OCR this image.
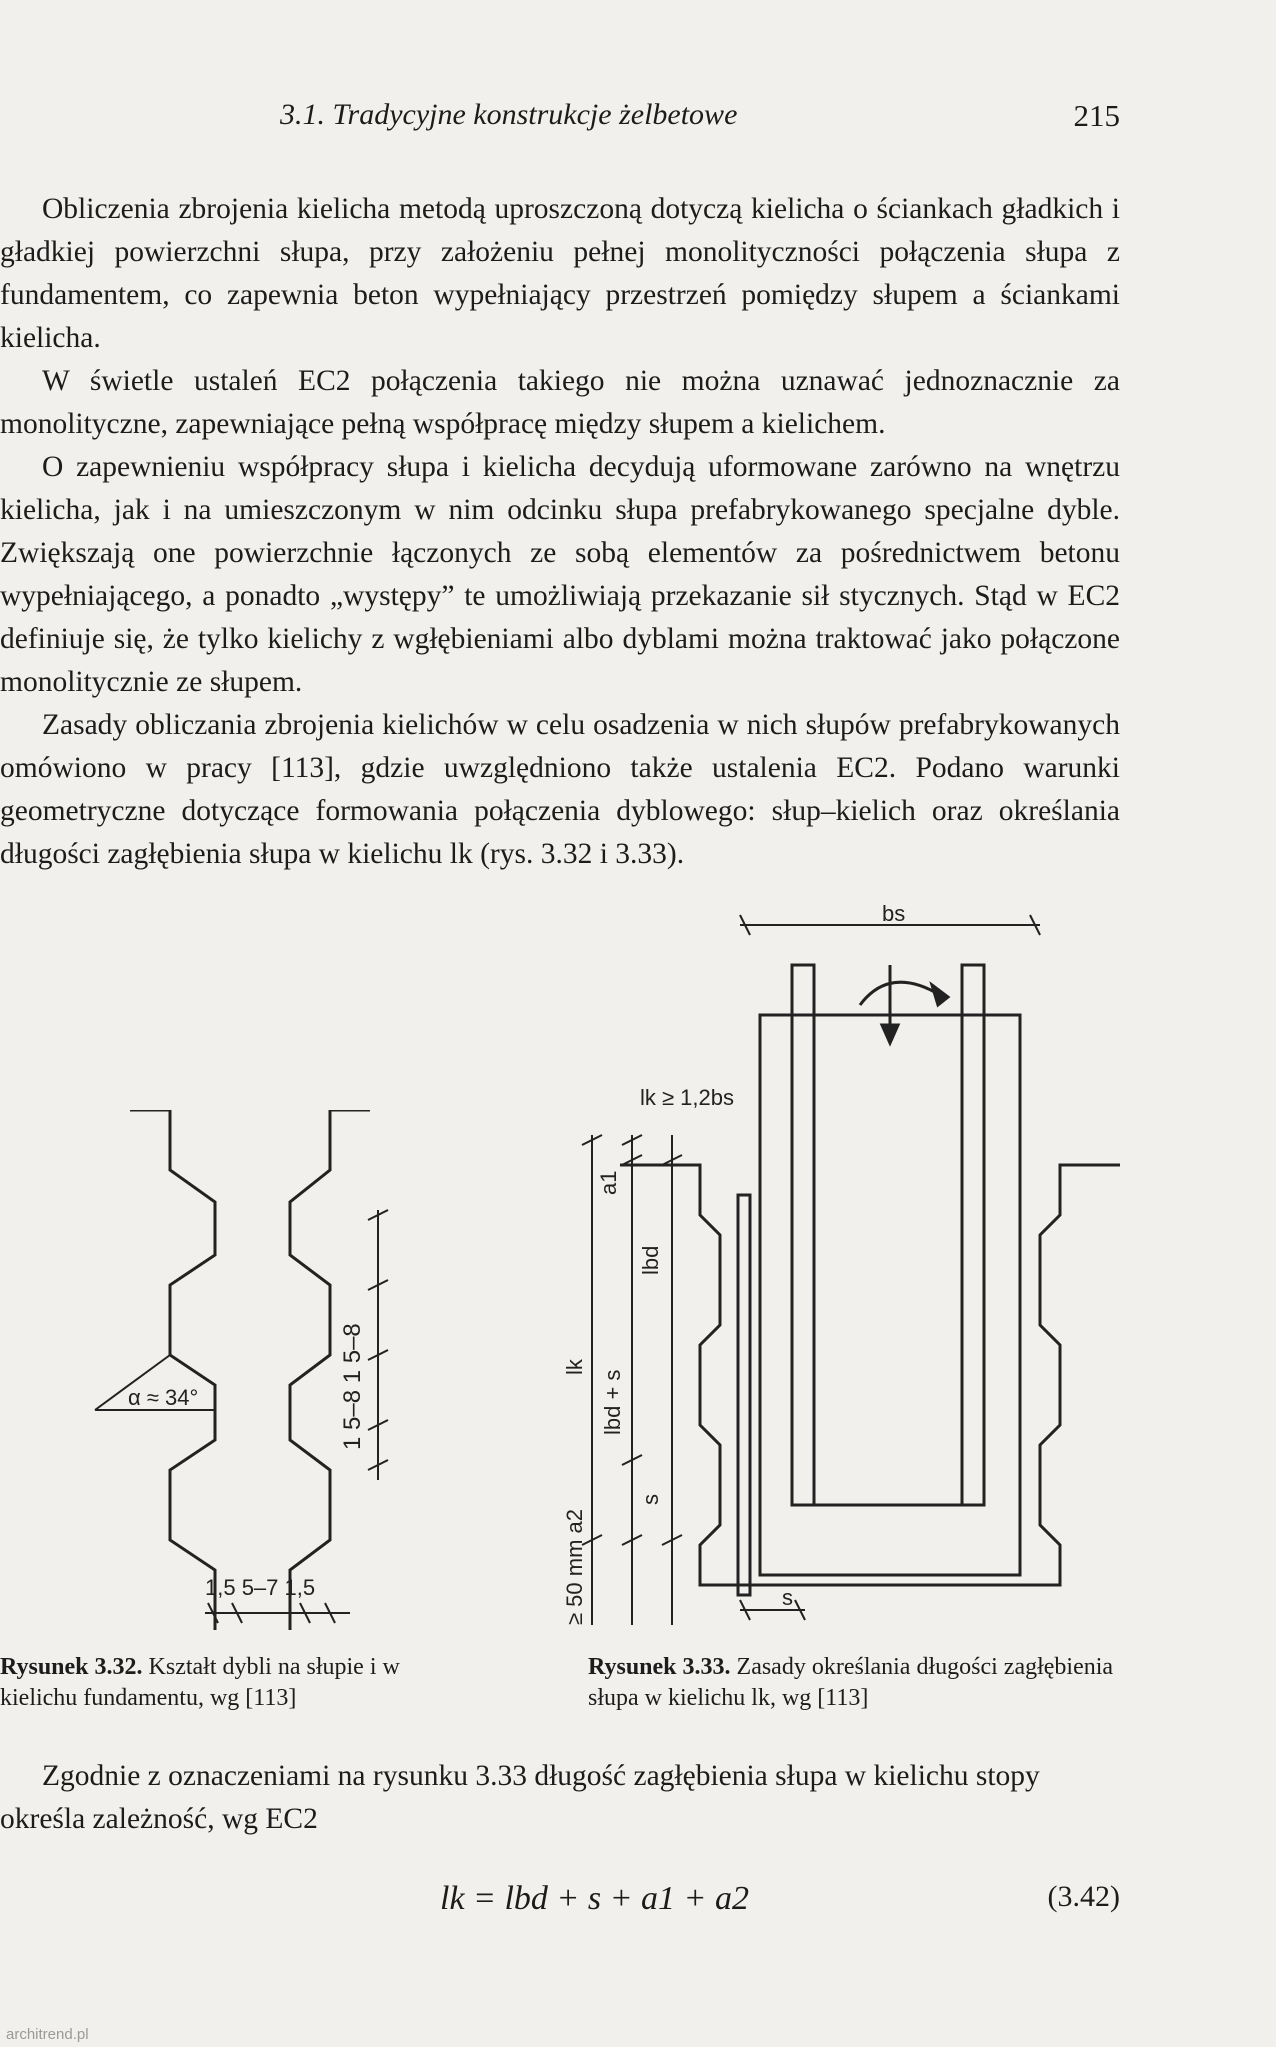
3.1. Tradycyjne konstrukcje żelbetowe	215

Obliczenia zbrojenia kielicha metodą uproszczoną dotyczą kielicha o ściankach gładkich i gładkiej powierzchni słupa, przy założeniu pełnej monolityczności połączenia słupa z fundamentem, co zapewnia beton wypełniający przestrzeń pomiędzy słupem a ściankami kielicha.

W świetle ustaleń EC2 połączenia takiego nie można uznawać jednoznacznie za monolityczne, zapewniające pełną współpracę między słupem a kielichem.

O zapewnieniu współpracy słupa i kielicha decydują uformowane zarówno na wnętrzu kielicha, jak i na umieszczonym w nim odcinku słupa prefabrykowanego specjalne dyble. Zwiększają one powierzchnie łączonych ze sobą elementów za pośrednictwem betonu wypełniającego, a ponadto „występy” te umożliwiają przekazanie sił stycznych. Stąd w EC2 definiuje się, że tylko kielichy z wgłębieniami albo dyblami można traktować jako połączone monolitycznie ze słupem.

Zasady obliczania zbrojenia kielichów w celu osadzenia w nich słupów prefabrykowanych omówiono w pracy [113], gdzie uwzględniono także ustalenia EC2. Podano warunki geometryczne dotyczące formowania połączenia dyblowego: słup–kielich oraz określania długości zagłębienia słupa w kielichu lk (rys. 3.32 i 3.33).

α ≈ 34°	1 5–8 1 5–8
1,5 5–7 1,5
bs
lk ≥ 1,2bs
a1
lbd
lk
lbd + s
s
≥ 50 mm a2	s
Rysunek 3.32. Kształt dybli na słupie i w kielichu fundamentu, wg [113]
Rysunek 3.33. Zasady określania długości zagłębienia słupa w kielichu lk, wg [113]

Zgodnie z oznaczeniami na rysunku 3.33 długość zagłębienia słupa w kielichu stopy określa zależność, wg EC2

lk = lbd + s + a1 + a2	(3.42)
architrend.pl
